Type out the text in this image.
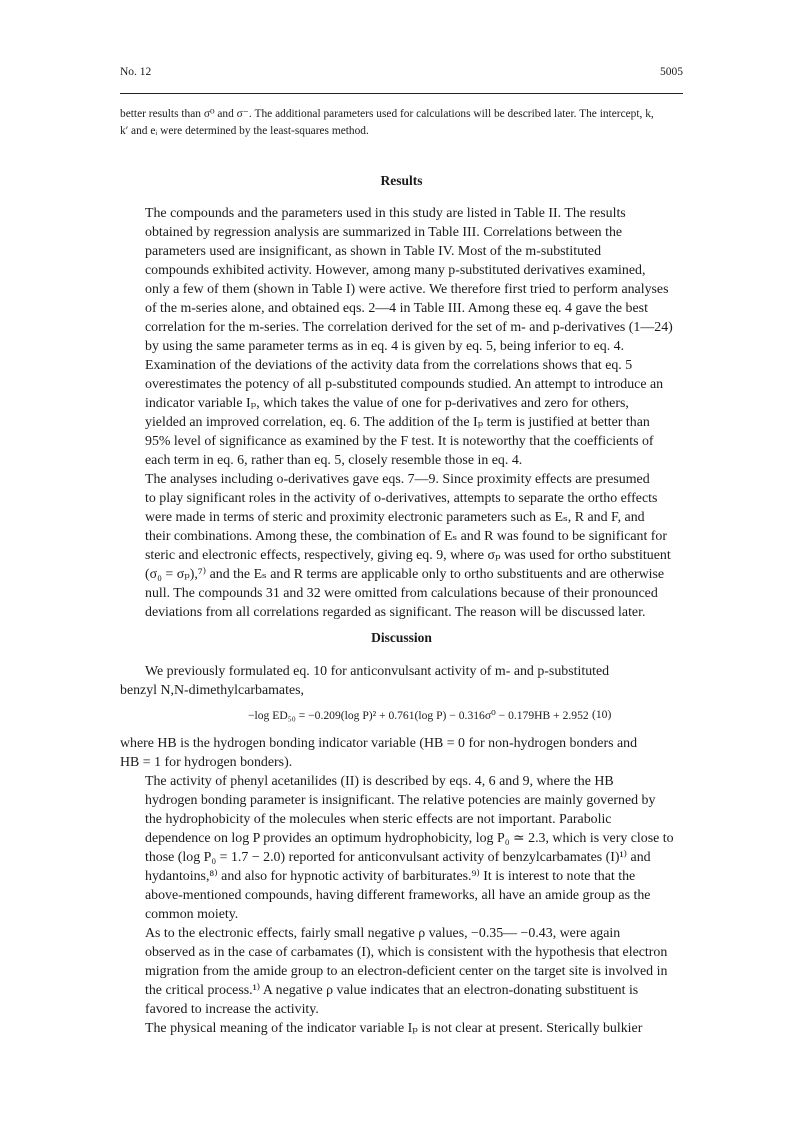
No. 12	5005
better results than σ⁰ and σ⁻. The additional parameters used for calculations will be described later. The intercept, k,
k′ and eᵢ were determined by the least-squares method.
Results
The compounds and the parameters used in this study are listed in Table II. The results
obtained by regression analysis are summarized in Table III. Correlations between the
parameters used are insignificant, as shown in Table IV. Most of the m-substituted
compounds exhibited activity. However, among many p-substituted derivatives examined,
only a few of them (shown in Table I) were active. We therefore first tried to perform analyses
of the m-series alone, and obtained eqs. 2—4 in Table III. Among these eq. 4 gave the best
correlation for the m-series. The correlation derived for the set of m- and p-derivatives (1—24)
by using the same parameter terms as in eq. 4 is given by eq. 5, being inferior to eq. 4.
Examination of the deviations of the activity data from the correlations shows that eq. 5
overestimates the potency of all p-substituted compounds studied. An attempt to introduce an
indicator variable Iₚ, which takes the value of one for p-derivatives and zero for others,
yielded an improved correlation, eq. 6. The addition of the Iₚ term is justified at better than
95% level of significance as examined by the F test. It is noteworthy that the coefficients of
each term in eq. 6, rather than eq. 5, closely resemble those in eq. 4.
The analyses including o-derivatives gave eqs. 7—9. Since proximity effects are presumed
to play significant roles in the activity of o-derivatives, attempts to separate the ortho effects
were made in terms of steric and proximity electronic parameters such as Eₛ, R and F, and
their combinations. Among these, the combination of Eₛ and R was found to be significant for
steric and electronic effects, respectively, giving eq. 9, where σₚ was used for ortho substituent
(σ₀ = σₚ),⁷⁾ and the Eₛ and R terms are applicable only to ortho substituents and are otherwise
null. The compounds 31 and 32 were omitted from calculations because of their pronounced
deviations from all correlations regarded as significant. The reason will be discussed later.
Discussion
We previously formulated eq. 10 for anticonvulsant activity of m- and p-substituted
benzyl N,N-dimethylcarbamates,
−log ED₅₀ = −0.209(log P)² + 0.761(log P) − 0.316σ⁰ − 0.179HB + 2.952 (10)
where HB is the hydrogen bonding indicator variable (HB = 0 for non-hydrogen bonders and
HB = 1 for hydrogen bonders).
The activity of phenyl acetanilides (II) is described by eqs. 4, 6 and 9, where the HB
hydrogen bonding parameter is insignificant. The relative potencies are mainly governed by
the hydrophobicity of the molecules when steric effects are not important. Parabolic
dependence on log P provides an optimum hydrophobicity, log P₀ ≃ 2.3, which is very close to
those (log P₀ = 1.7 − 2.0) reported for anticonvulsant activity of benzylcarbamates (I)¹⁾ and
hydantoins,⁸⁾ and also for hypnotic activity of barbiturates.⁹⁾ It is interest to note that the
above-mentioned compounds, having different frameworks, all have an amide group as the
common moiety.
As to the electronic effects, fairly small negative ρ values, −0.35— −0.43, were again
observed as in the case of carbamates (I), which is consistent with the hypothesis that electron
migration from the amide group to an electron-deficient center on the target site is involved in
the critical process.¹⁾ A negative ρ value indicates that an electron-donating substituent is
favored to increase the activity.
The physical meaning of the indicator variable Iₚ is not clear at present. Sterically bulkier
